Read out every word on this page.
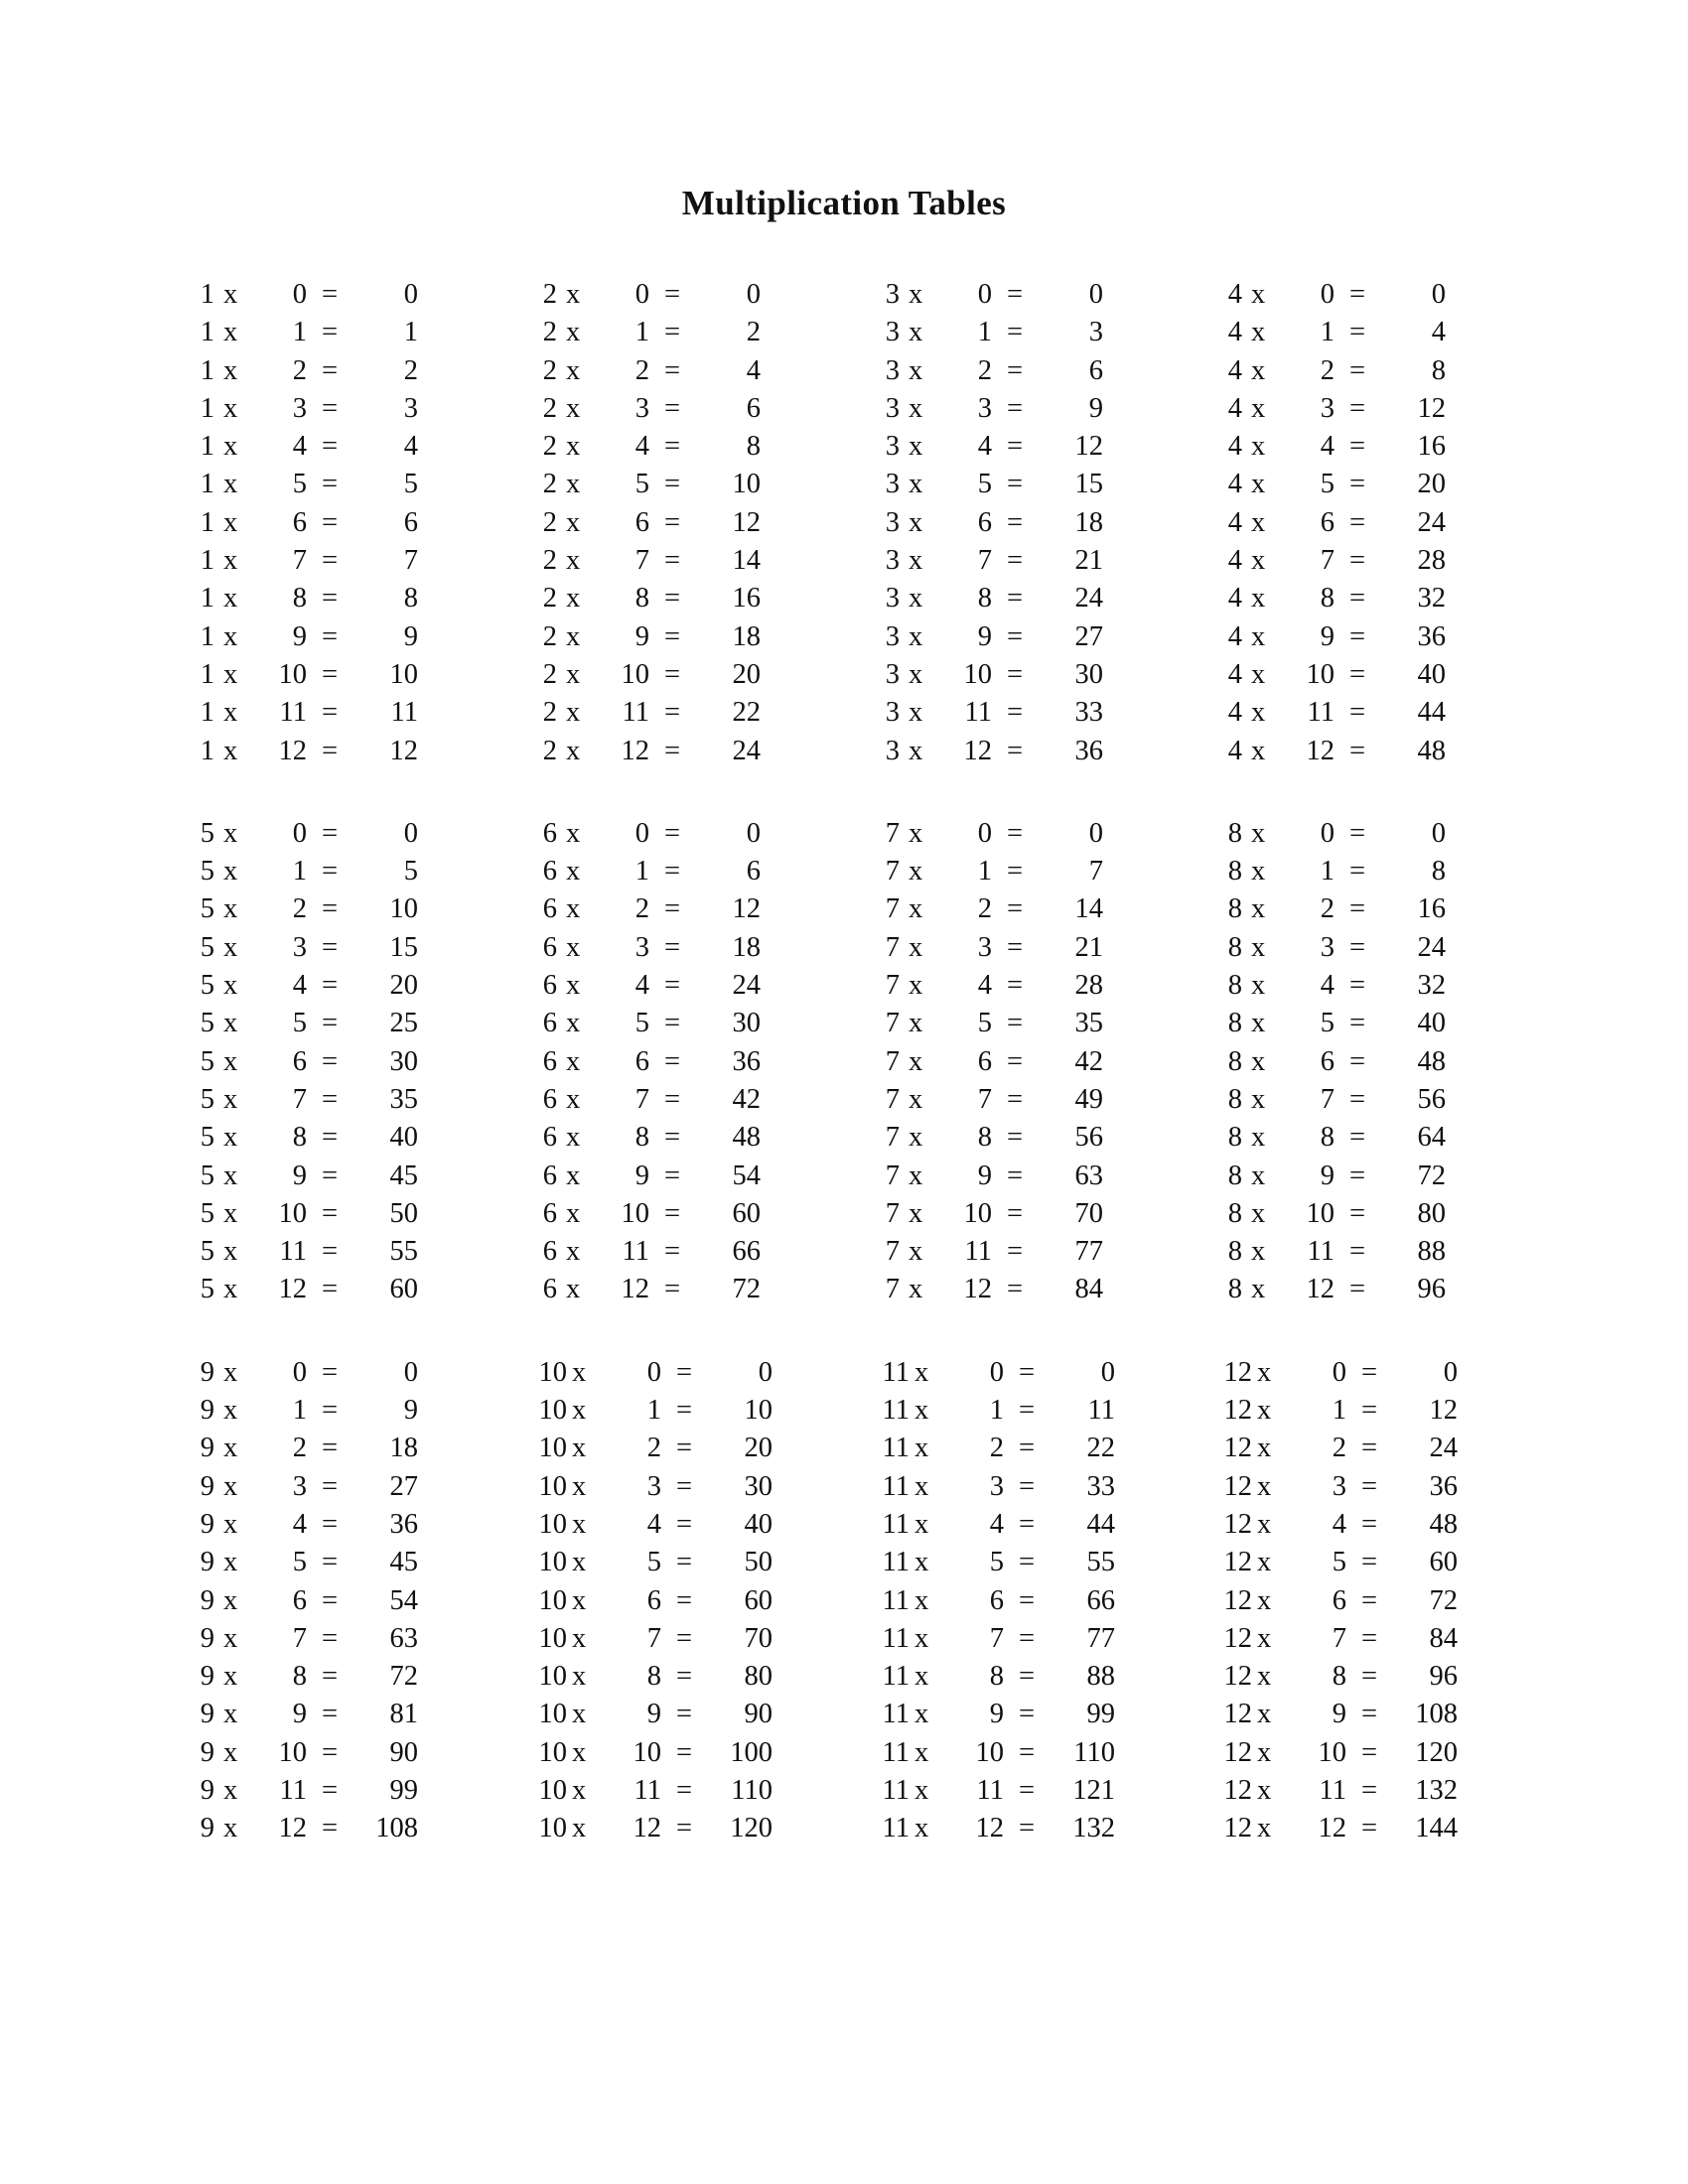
Multiplication Tables
1	x	0	=	0
1	x	1	=	1
1	x	2	=	2
1	x	3	=	3
1	x	4	=	4
1	x	5	=	5
1	x	6	=	6
1	x	7	=	7
1	x	8	=	8
1	x	9	=	9
1	x	10	=	10
1	x	11	=	11
1	x	12	=	12
2	x	0	=	0
2	x	1	=	2
2	x	2	=	4
2	x	3	=	6
2	x	4	=	8
2	x	5	=	10
2	x	6	=	12
2	x	7	=	14
2	x	8	=	16
2	x	9	=	18
2	x	10	=	20
2	x	11	=	22
2	x	12	=	24
3	x	0	=	0
3	x	1	=	3
3	x	2	=	6
3	x	3	=	9
3	x	4	=	12
3	x	5	=	15
3	x	6	=	18
3	x	7	=	21
3	x	8	=	24
3	x	9	=	27
3	x	10	=	30
3	x	11	=	33
3	x	12	=	36
4	x	0	=	0
4	x	1	=	4
4	x	2	=	8
4	x	3	=	12
4	x	4	=	16
4	x	5	=	20
4	x	6	=	24
4	x	7	=	28
4	x	8	=	32
4	x	9	=	36
4	x	10	=	40
4	x	11	=	44
4	x	12	=	48
5	x	0	=	0
5	x	1	=	5
5	x	2	=	10
5	x	3	=	15
5	x	4	=	20
5	x	5	=	25
5	x	6	=	30
5	x	7	=	35
5	x	8	=	40
5	x	9	=	45
5	x	10	=	50
5	x	11	=	55
5	x	12	=	60
6	x	0	=	0
6	x	1	=	6
6	x	2	=	12
6	x	3	=	18
6	x	4	=	24
6	x	5	=	30
6	x	6	=	36
6	x	7	=	42
6	x	8	=	48
6	x	9	=	54
6	x	10	=	60
6	x	11	=	66
6	x	12	=	72
7	x	0	=	0
7	x	1	=	7
7	x	2	=	14
7	x	3	=	21
7	x	4	=	28
7	x	5	=	35
7	x	6	=	42
7	x	7	=	49
7	x	8	=	56
7	x	9	=	63
7	x	10	=	70
7	x	11	=	77
7	x	12	=	84
8	x	0	=	0
8	x	1	=	8
8	x	2	=	16
8	x	3	=	24
8	x	4	=	32
8	x	5	=	40
8	x	6	=	48
8	x	7	=	56
8	x	8	=	64
8	x	9	=	72
8	x	10	=	80
8	x	11	=	88
8	x	12	=	96
9	x	0	=	0
9	x	1	=	9
9	x	2	=	18
9	x	3	=	27
9	x	4	=	36
9	x	5	=	45
9	x	6	=	54
9	x	7	=	63
9	x	8	=	72
9	x	9	=	81
9	x	10	=	90
9	x	11	=	99
9	x	12	=	108
10	x	0	=	0
10	x	1	=	10
10	x	2	=	20
10	x	3	=	30
10	x	4	=	40
10	x	5	=	50
10	x	6	=	60
10	x	7	=	70
10	x	8	=	80
10	x	9	=	90
10	x	10	=	100
10	x	11	=	110
10	x	12	=	120
11	x	0	=	0
11	x	1	=	11
11	x	2	=	22
11	x	3	=	33
11	x	4	=	44
11	x	5	=	55
11	x	6	=	66
11	x	7	=	77
11	x	8	=	88
11	x	9	=	99
11	x	10	=	110
11	x	11	=	121
11	x	12	=	132
12	x	0	=	0
12	x	1	=	12
12	x	2	=	24
12	x	3	=	36
12	x	4	=	48
12	x	5	=	60
12	x	6	=	72
12	x	7	=	84
12	x	8	=	96
12	x	9	=	108
12	x	10	=	120
12	x	11	=	132
12	x	12	=	144
